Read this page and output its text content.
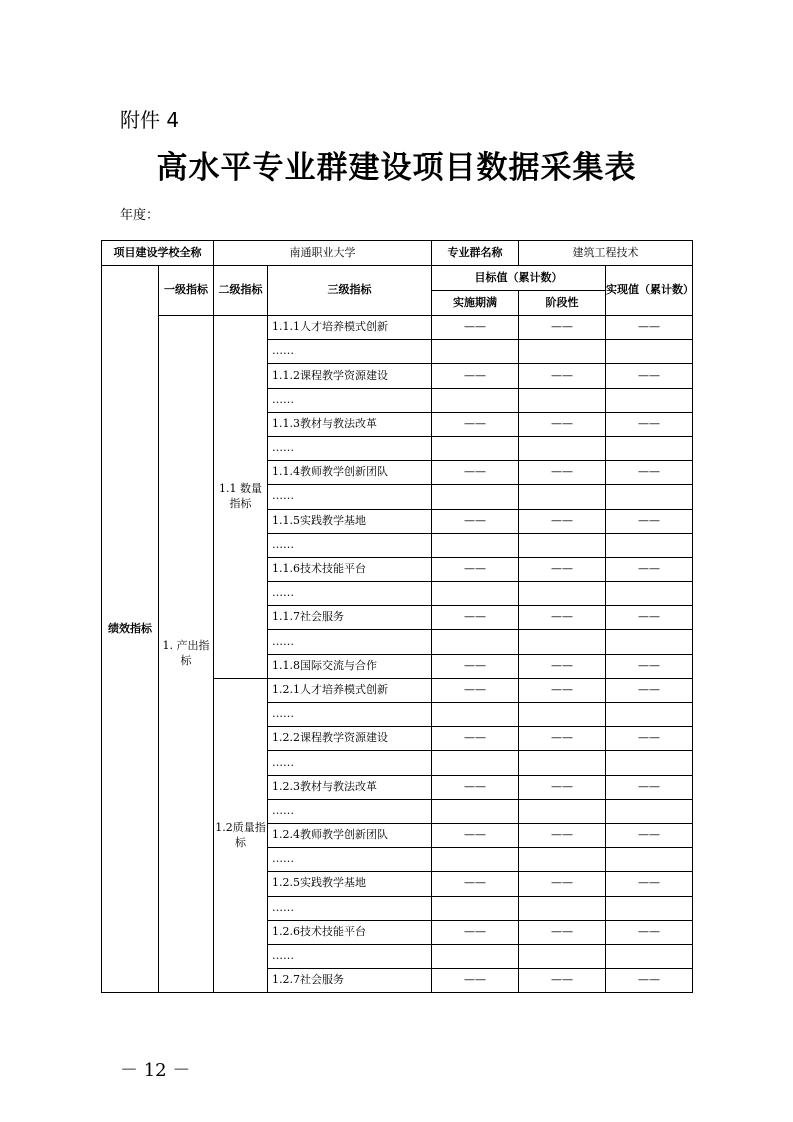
附件 4
高水平专业群建设项目数据采集表
年度：
项目建设学校全称		南通职业大学		专业群名称	建筑工程技术	
绩效指标	一级指标	二级指标	三级指标	目标值（累计数）		实现值（累计数）
				实施期满	阶段性	
	1. 产出指标	1.1 数量指标	1.1.1人才培养模式创新	——	——	——
			……			
			1.1.2课程教学资源建设	——	——	——
			……			
			1.1.3教材与教法改革	——	——	——
			……			
			1.1.4教师教学创新团队	——	——	——
			……			
			1.1.5实践教学基地	——	——	——
			……			
			1.1.6技术技能平台	——	——	——
			……			
			1.1.7社会服务	——	——	——
			……			
			1.1.8国际交流与合作	——	——	——
		1.2质量指标	1.2.1人才培养模式创新	——	——	——
			……			
			1.2.2课程教学资源建设	——	——	——
			……			
			1.2.3教材与教法改革	——	——	——
			……			
			1.2.4教师教学创新团队	——	——	——
			……			
			1.2.5实践教学基地	——	——	——
			……			
			1.2.6技术技能平台	——	——	——
			……			
			1.2.7社会服务	——	——	——
－ 12 －
